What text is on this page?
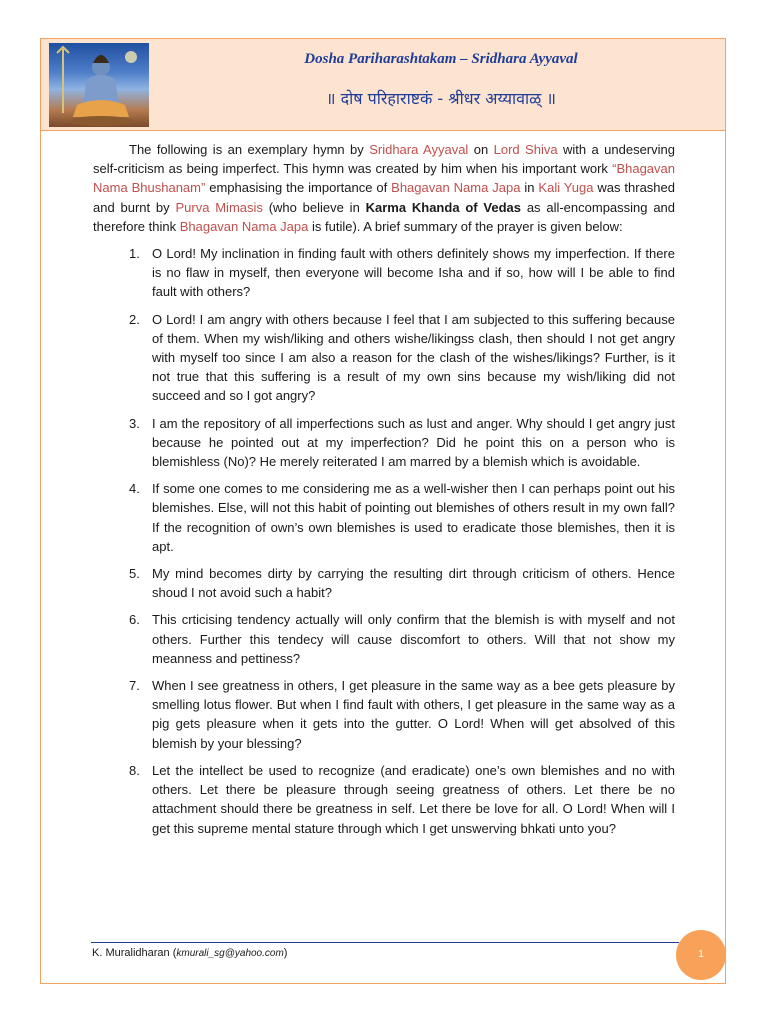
Dosha Pariharashtakam – Sridhara Ayyaval
॥ दोष परिहाराष्टकं - श्रीधर अय्यावाळ् ॥

The following is an exemplary hymn by Sridhara Ayyaval on Lord Shiva with a undeserving self-criticism as being imperfect. This hymn was created by him when his important work “Bhagavan Nama Bhushanam” emphasising the importance of Bhagavan Nama Japa in Kali Yuga was thrashed and burnt by Purva Mimasis (who believe in Karma Khanda of Vedas as all-encompassing and therefore think Bhagavan Nama Japa is futile). A brief summary of the prayer is given below:

1. O Lord! My inclination in finding fault with others definitely shows my imperfection. If there is no flaw in myself, then everyone will become Isha and if so, how will I be able to find fault with others?
2. O Lord! I am angry with others because I feel that I am subjected to this suffering because of them. When my wish/liking and others wishe/likingss clash, then should I not get angry with myself too since I am also a reason for the clash of the wishes/likings? Further, is it not true that this suffering is a result of my own sins because my wish/liking did not succeed and so I got angry?
3. I am the repository of all imperfections such as lust and anger. Why should I get angry just because he pointed out at my imperfection? Did he point this on a person who is blemishless (No)? He merely reiterated I am marred by a blemish which is avoidable.
4. If some one comes to me considering me as a well-wisher then I can perhaps point out his blemishes. Else, will not this habit of pointing out blemishes of others result in my own fall? If the recognition of own’s own blemishes is used to eradicate those blemishes, then it is apt.
5. My mind becomes dirty by carrying the resulting dirt through criticism of others. Hence shoud I not avoid such a habit?
6. This crticising tendency actually will only confirm that the blemish is with myself and not others. Further this tendecy will cause discomfort to others. Will that not show my meanness and pettiness?
7. When I see greatness in others, I get pleasure in the same way as a bee gets pleasure by smelling lotus flower. But when I find fault with others, I get pleasure in the same way as a pig gets pleasure when it gets into the gutter. O Lord! When will get absolved of this blemish by your blessing?
8. Let the intellect be used to recognize (and eradicate) one’s own blemishes and no with others. Let there be pleasure through seeing greatness of others. Let there be no attachment should there be greatness in self. Let there be love for all. O Lord! When will I get this supreme mental stature through which I get unswerving bhkati unto you?
K. Muralidharan (kmurali_sg@yahoo.com)	1
